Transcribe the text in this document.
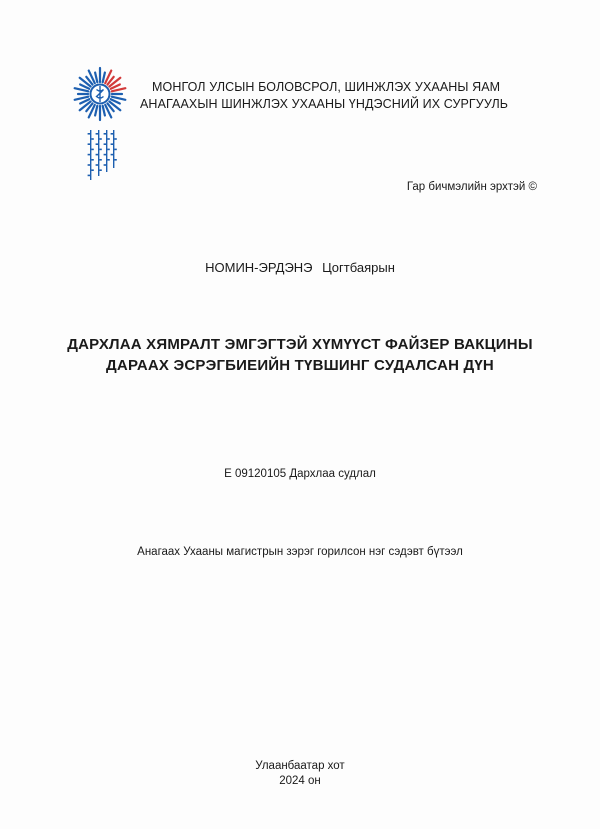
МОНГОЛ УЛСЫН БОЛОВСРОЛ, ШИНЖЛЭХ УХААНЫ ЯАМ
АНАГААХЫН ШИНЖЛЭХ УХААНЫ ҮНДЭСНИЙ ИХ СУРГУУЛЬ
Гар бичмэлийн эрхтэй ©
НОМИН-ЭРДЭНЭ Цогтбаярын
ДАРХЛАА ХЯМРАЛТ ЭМГЭГТЭЙ ХҮМҮҮСТ ФАЙЗЕР ВАКЦИНЫ
ДАРААХ ЭСРЭГБИЕИЙН ТҮВШИНГ СУДАЛСАН ДҮН
E 09120105 Дархлаа судлал
Анагаах Ухааны магистрын зэрэг горилсон нэг сэдэвт бүтээл
Улаанбаатар хот
2024 он
